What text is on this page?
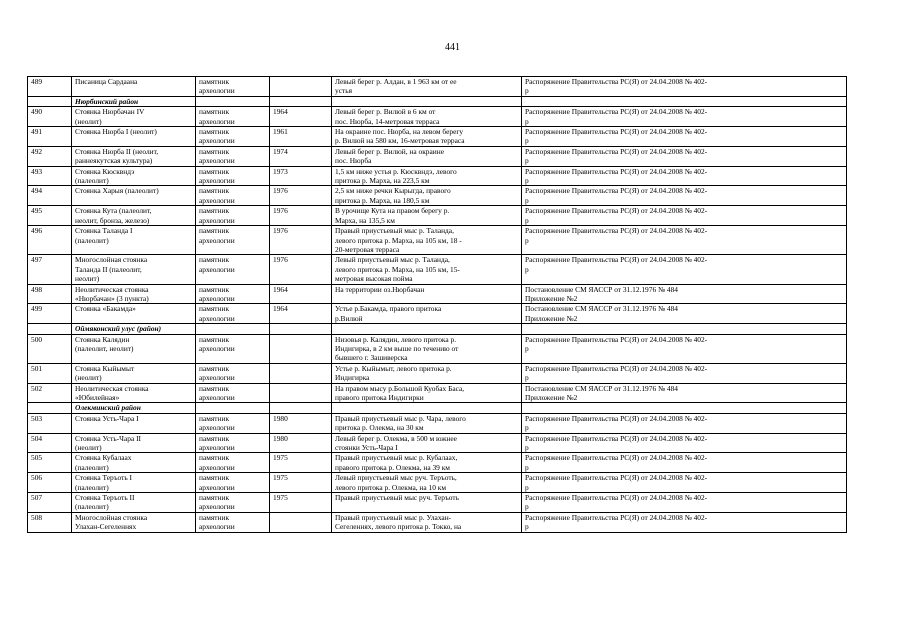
441
489	Писаница Сардаана	памятник
археологии		Левый берег р. Алдан, в 1 963 км от ее
устья	Распоряжение Правительства РС(Я) от 24.04.2008 № 402-
р

	Нюрбинский район				

490	Стоянка Нюрбачан IV
(неолит)	памятник
археологии	1964	Левый берег р. Вилюй в 6 км от
пос. Нюрба, 14-метровая терраса	Распоряжение Правительства РС(Я) от 24.04.2008 № 402-
р

491	Стоянка Нюрба I (неолит)	памятник
археологии	1961	На окраине пос. Нюрба, на левом берегу
р. Вилюй на 580 км, 16-метровая терраса	Распоряжение Правительства РС(Я) от 24.04.2008 № 402-
р

492	Стоянка Нюрба II (неолит,
раннеякутская культура)	памятник
археологии	1974	Левый берег р. Вилюй, на окраине
пос. Нюрба	Распоряжение Правительства РС(Я) от 24.04.2008 № 402-
р

493	Стоянка Кюсквндэ
(палеолит)	памятник
археологии	1973	1,5 км ниже устья р. Кюсквндэ, левого
притока р. Марха, на 223,5 км	Распоряжение Правительства РС(Я) от 24.04.2008 № 402-
р

494	Стоянка Харыя (палеолит)	памятник
археологии	1976	2,5 км ниже речки Кырыгда, правого
притока р. Марха, на 180,5 км	Распоряжение Правительства РС(Я) от 24.04.2008 № 402-
р

495	Стоянка Кута (палеолит,
неолит, бронза, железо)	памятник
археологии	1976	В урочище Кута на правом берегу р.
Марха, на 135,5 км	Распоряжение Правительства РС(Я) от 24.04.2008 № 402-
р

496	Стоянка Таланда I
(палеолит)	памятник
археологии	1976	Правый приустьевый мыс р. Таланда,
левого притока р. Марха, на 105 км, 18 -
20-метровая терраса	Распоряжение Правительства РС(Я) от 24.04.2008 № 402-
р

497	Многослойная стоянка
Таланда II (палеолит,
неолит)	памятник
археологии	1976	Левый приустьевый мыс р. Таланда,
левого притока р. Марха, на 105 км, 15-
метровая высокая пойма	Распоряжение Правительства РС(Я) от 24.04.2008 № 402-
р

498	Неолитическая стоянка
«Нюрбачан» (3 пункта)	памятник
археологии	1964	На территории оз.Нюрбачан	Постановление СМ ЯАССР от 31.12.1976 № 484
Приложение №2

499	Стоянка «Бакамда»	памятник
археологии	1964	Устье р.Бакамда, правого притока
р.Вилюй	Постановление СМ ЯАССР от 31.12.1976 № 484
Приложение №2

	Оймяконский улус (район)				

500	Стоянка Калядин
(палеолит, неолит)	памятник
археологии		Низовья р. Калядин, левого притока р.
Индигирка, в 2 км выше по течению от
бывшего г. Зашиверска	Распоряжение Правительства РС(Я) от 24.04.2008 № 402-
р

501	Стоянка Кыйымыт
(неолит)	памятник
археологии		Устье р. Кыйымыт, левого притока р.
Индигирка	Распоряжение Правительства РС(Я) от 24.04.2008 № 402-
р

502	Неолитическая стоянка
«Юбилейная»	памятник
археологии		На правом мысу р.Большой Куобах Баса,
правого притока Индигирки	Постановление СМ ЯАССР от 31.12.1976 № 484
Приложение №2

	Олекминский район				

503	Стоянка Усть-Чара I	памятник
археологии	1980	Правый приустьевый мыс р. Чара, левого
притока р. Олекма, на 30 км	Распоряжение Правительства РС(Я) от 24.04.2008 № 402-
р

504	Стоянка Усть-Чара II
(неолит)	памятник
археологии	1980	Левый берег р. Олекма, в 500 м южнее
стоянки Усть-Чара I	Распоряжение Правительства РС(Я) от 24.04.2008 № 402-
р

505	Стоянка Кубалаах
(палеолит)	памятник
археологии	1975	Правый приустьевый мыс р. Кубалаах,
правого притока р. Олекма, на 39 км	Распоряжение Правительства РС(Я) от 24.04.2008 № 402-
р

506	Стоянка Теръоть I
(палеолит)	памятник
археологии	1975	Левый приустьевый мыс руч. Теръоть,
левого притока р. Олекма, на 10 км	Распоряжение Правительства РС(Я) от 24.04.2008 № 402-
р

507	Стоянка Теръоть II
(палеолит)	памятник
археологии	1975	Правый приустьевый мыс руч. Теръоть	Распоряжение Правительства РС(Я) от 24.04.2008 № 402-
р

508	Многослойная стоянка
Улахан-Сегеленнях	памятник
археологии		Правый приустьевый мыс р. Улахан-
Сегеленнях, левого притока р. Токко, на	Распоряжение Правительства РС(Я) от 24.04.2008 № 402-
р
